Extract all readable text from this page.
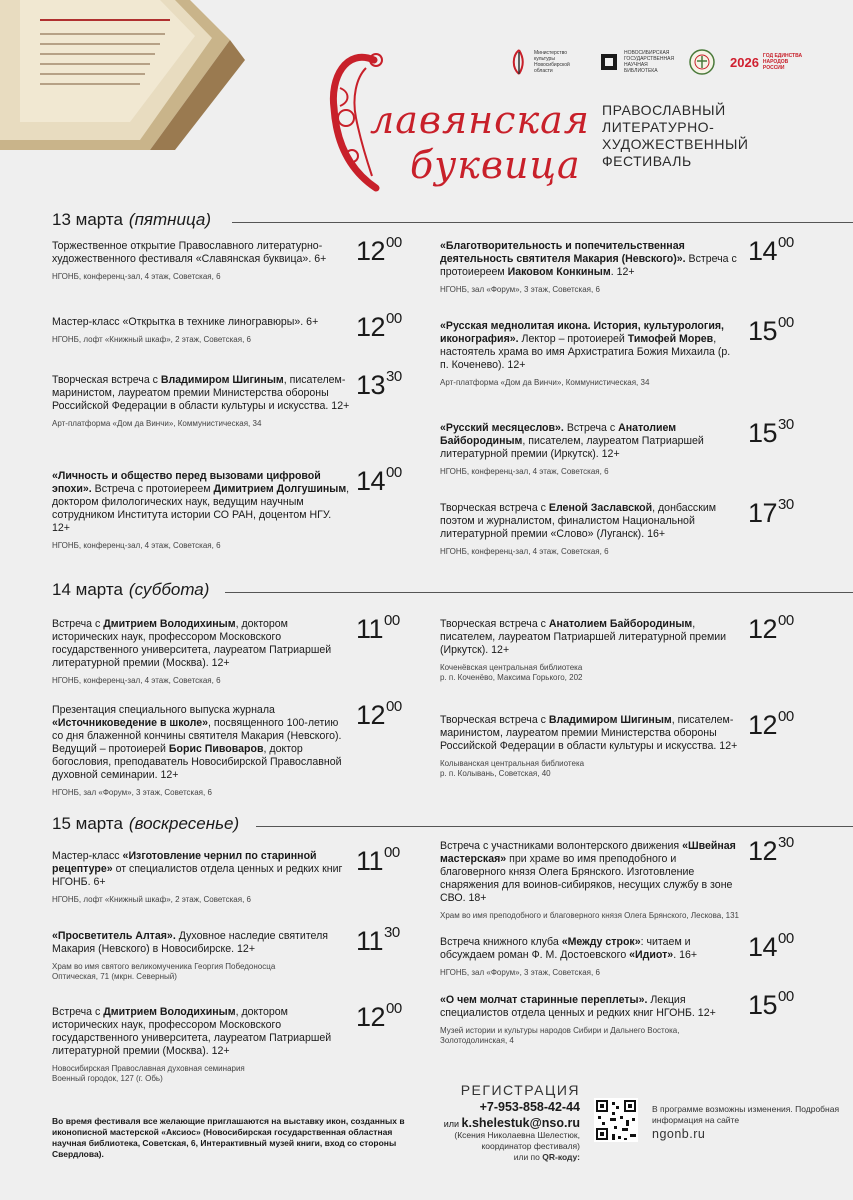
лавянская
буквица
Министерство культуры Новосибирской области
НОВОСИБИРСКАЯ ГОСУДАРСТВЕННАЯ НАУЧНАЯ БИБЛИОТЕКА
2026 ГОД ЕДИНСТВА НАРОДОВ РОССИИ
ПРАВОСЛАВНЫЙ
ЛИТЕРАТУРНО-
ХУДОЖЕСТВЕННЫЙ
ФЕСТИВАЛЬ
13 марта (пятница)
Торжественное открытие Православного литературно-художественного фестиваля «Славянская буквица». 6+
НГОНБ, конференц-зал, 4 этаж, Советская, 6
$12^{00}$
Мастер-класс «Открытка в технике линогравюры». 6+
НГОНБ, лофт «Книжный шкаф», 2 этаж, Советская, 6	$12^{00}$
Творческая встреча с Владимиром Шигиным, писателем-маринистом, лауреатом премии Министерства обороны Российской Федерации в области культуры и искусства. 12+
Арт-платформа «Дом да Винчи», Коммунистическая, 34
$13^{30}$
«Личность и общество перед вызовами цифровой эпохи». Встреча с протоиереем Димитрием Долгушиным, доктором филологических наук, ведущим научным сотрудником Института истории СО РАН, доцентом НГУ. 12+
НГОНБ, конференц-зал, 4 этаж, Советская, 6
$14^{00}$
«Благотворительность и попечительственная деятельность святителя Макария (Невского)». Встреча с протоиереем Иаковом Конкиным. 12+
НГОНБ, зал «Форум», 3 этаж, Советская, 6
$14^{00}$
«Русская меднолитая икона. История, культурология, иконография». Лектор – протоиерей Тимофей Морев, настоятель храма во имя Архистратига Божия Михаила (р. п. Коченево). 12+
Арт-платформа «Дом да Винчи», Коммунистическая, 34
$15^{00}$
«Русский месяцеслов». Встреча с Анатолием Байбородиным, писателем, лауреатом Патриаршей литературной премии (Иркутск). 12+
НГОНБ, конференц-зал, 4 этаж, Советская, 6
$15^{30}$
Творческая встреча с Еленой Заславской, донбасским поэтом и журналистом, финалистом Национальной литературной премии «Слово» (Луганск). 16+
НГОНБ, конференц-зал, 4 этаж, Советская, 6
$17^{30}$
14 марта (суббота)
Встреча с Дмитрием Володихиным, доктором исторических наук, профессором Московского государственного университета, лауреатом Патриаршей литературной премии (Москва). 12+
НГОНБ, конференц-зал, 4 этаж, Советская, 6
$11^{00}$
Презентация специального выпуска журнала «Источниковедение в школе», посвященного 100-летию со дня блаженной кончины святителя Макария (Невского). Ведущий – протоиерей Борис Пивоваров, доктор богословия, преподаватель Новосибирской Православной духовной семинарии. 12+
НГОНБ, зал «Форум», 3 этаж, Советская, 6
$12^{00}$
Творческая встреча с Анатолием Байбородиным, писателем, лауреатом Патриаршей литературной премии (Иркутск). 12+
Коченёвская центральная библиотека
р. п. Коченёво, Максима Горького, 202
$12^{00}$
Творческая встреча с Владимиром Шигиным, писателем-маринистом, лауреатом премии Министерства обороны Российской Федерации в области культуры и искусства. 12+
Колыванская центральная библиотека
р. п. Колывань, Советская, 40
$12^{00}$
15 марта (воскресенье)
Мастер-класс «Изготовление чернил по старинной рецептуре» от специалистов отдела ценных и редких книг НГОНБ. 6+
НГОНБ, лофт «Книжный шкаф», 2 этаж, Советская, 6
$11^{00}$
«Просветитель Алтая». Духовное наследие святителя Макария (Невского) в Новосибирске. 12+
Храм во имя святого великомученика Георгия Победоносца
Оптическая, 71 (мкрн. Северный)
$11^{30}$
Встреча с Дмитрием Володихиным, доктором исторических наук, профессором Московского государственного университета, лауреатом Патриаршей литературной премии (Москва). 12+
Новосибирская Православная духовная семинария
Военный городок, 127 (г. Обь)
$12^{00}$
Встреча с участниками волонтерского движения «Швейная мастерская» при храме во имя преподобного и благоверного князя Олега Брянского. Изготовление снаряжения для воинов-сибиряков, несущих службу в зоне СВО. 18+
Храм во имя преподобного и благоверного князя Олега Брянского, Лескова, 131
$12^{30}$
Встреча книжного клуба «Между строк»: читаем и обсуждаем роман Ф. М. Достоевского «Идиот». 16+
НГОНБ, зал «Форум», 3 этаж, Советская, 6
$14^{00}$
«О чем молчат старинные переплеты». Лекция специалистов отдела ценных и редких книг НГОНБ. 12+
Музей истории и культуры народов Сибири и Дальнего Востока,
Золотодолинская, 4
$15^{00}$
Во время фестиваля все желающие приглашаются на выставку икон, созданных в иконописной мастерской «Аксиос» (Новосибирская государственная областная научная библиотека, Советская, 6, Интерактивный музей книги, вход со стороны Свердлова).
РЕГИСТРАЦИЯ
+7-953-858-42-44
или k.shelestuk@nso.ru
(Ксения Николаевна Шелестюк, координатор фестиваля)
или по QR-коду:
В программе возможны изменения. Подробная информация на сайте
ngonb.ru
